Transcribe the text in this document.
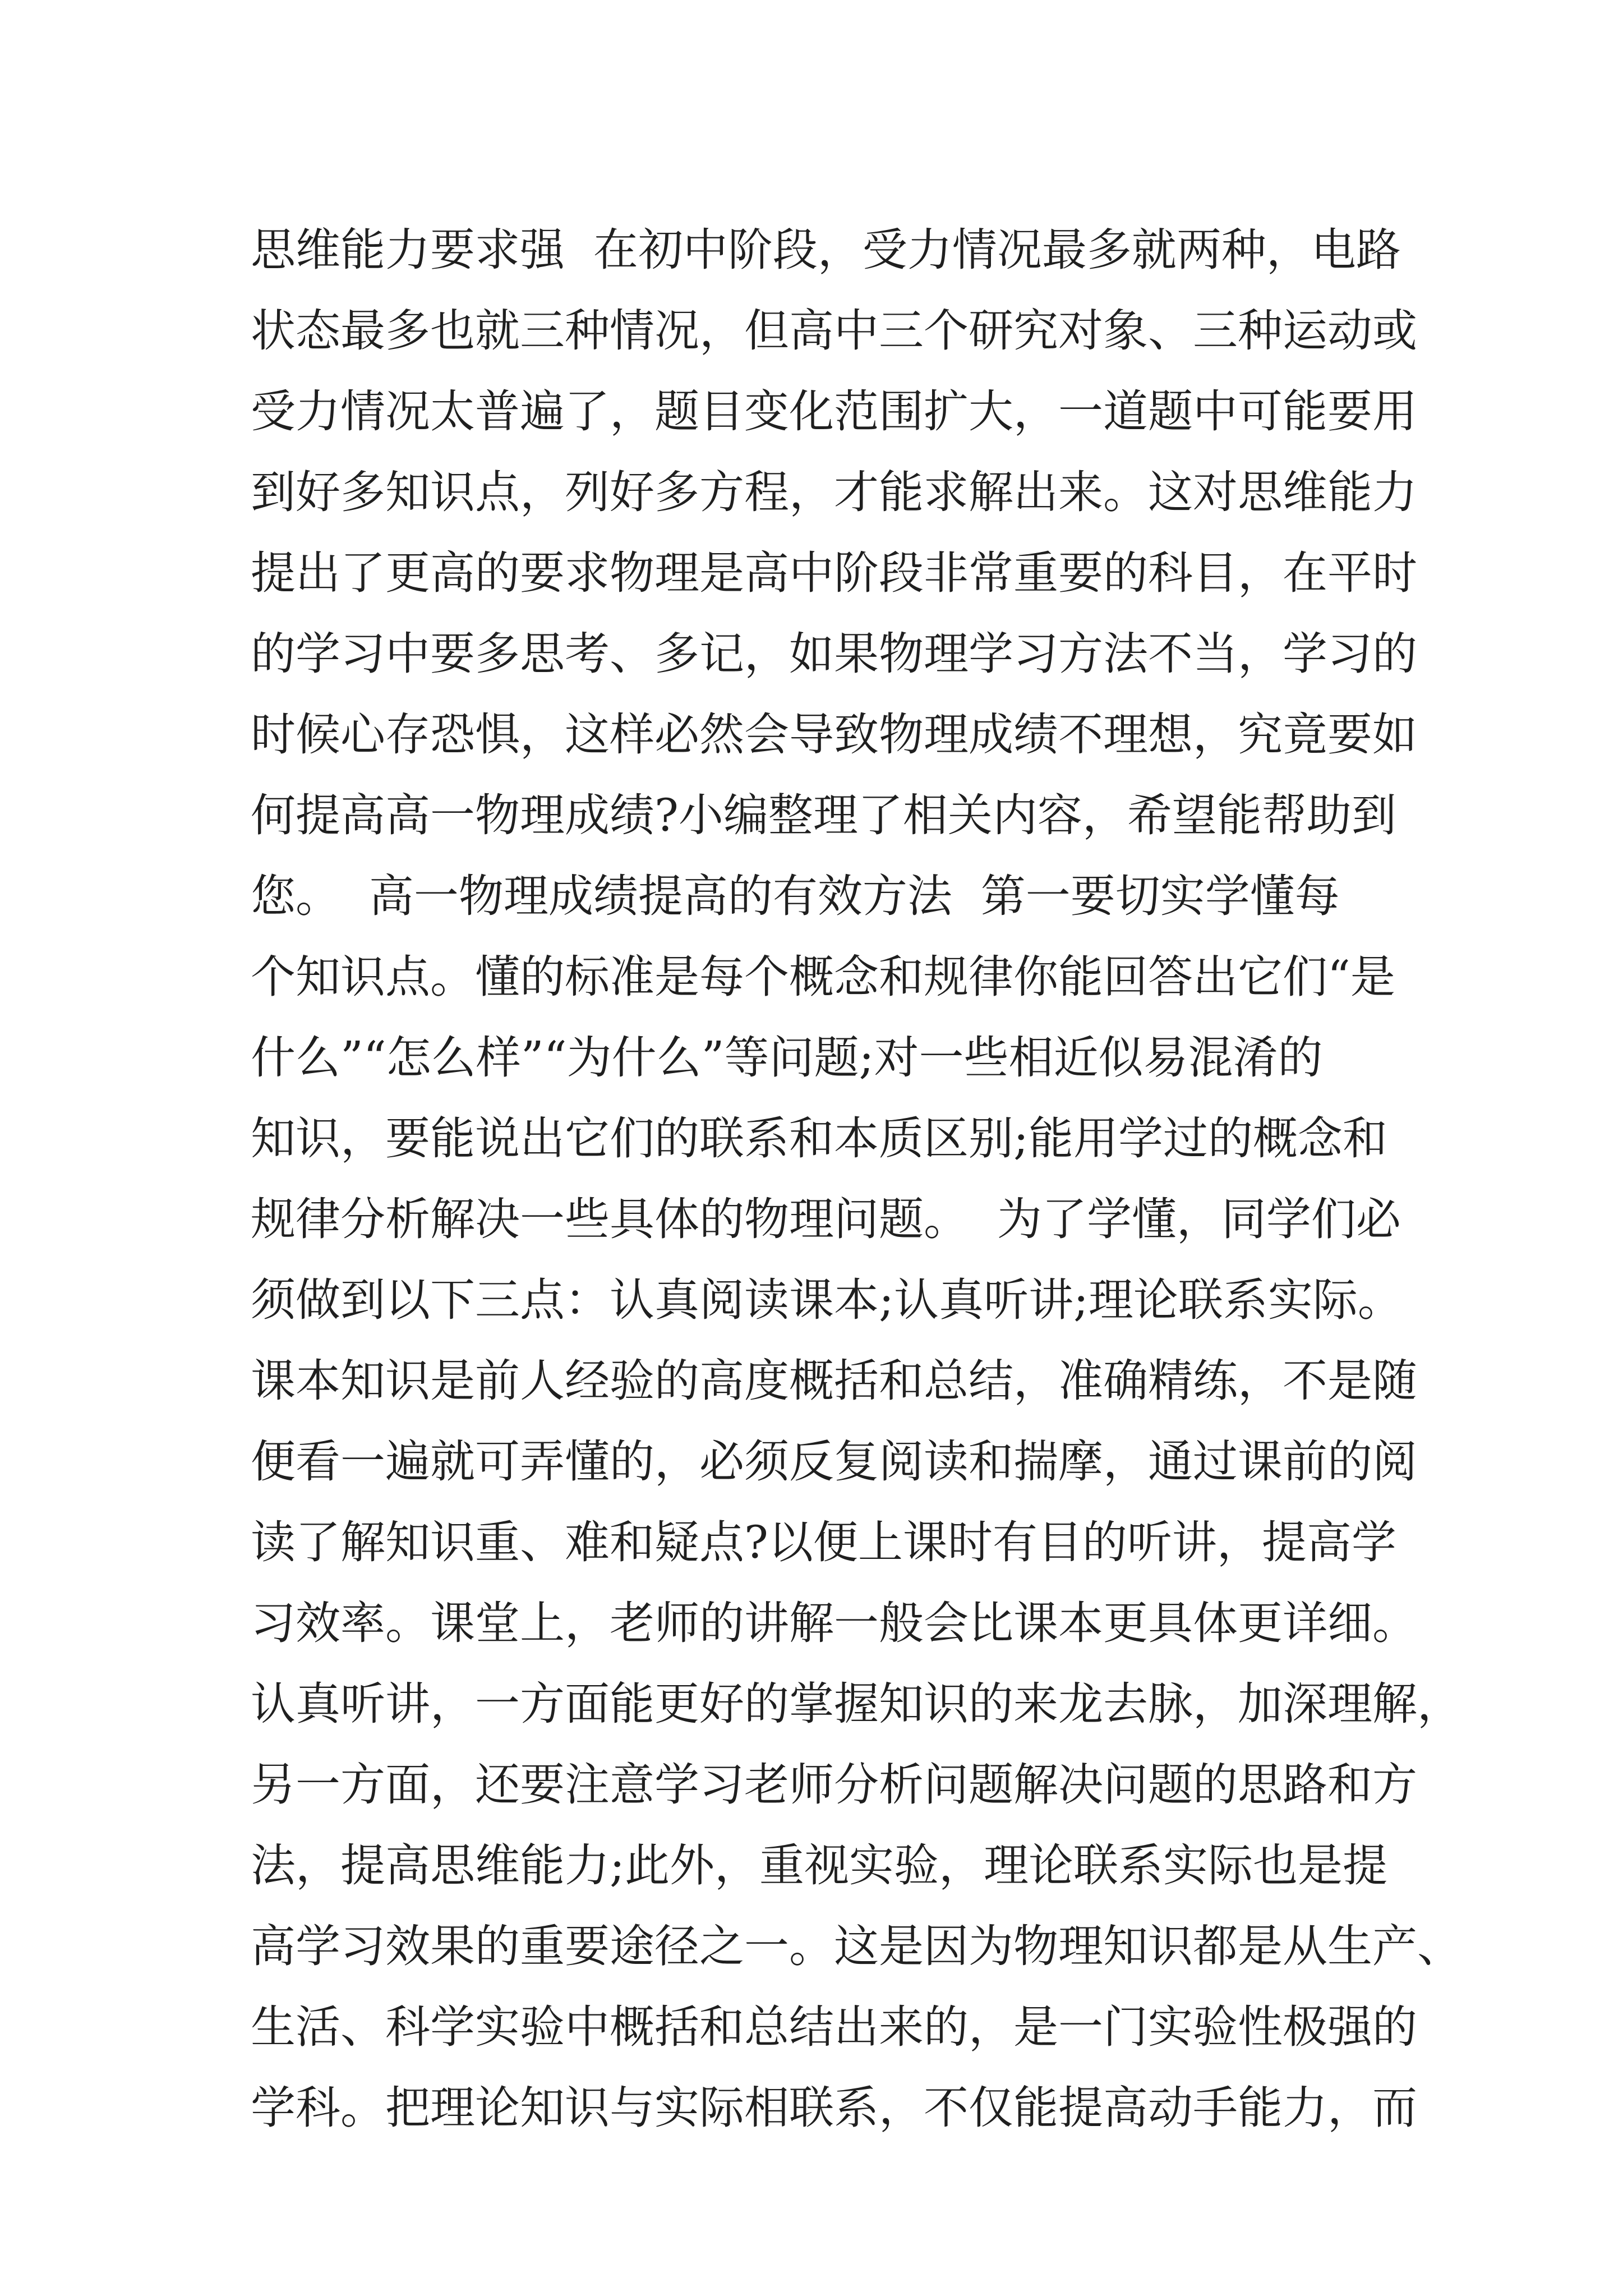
思维能力要求强  在初中阶段，受力情况最多就两种，电路
状态最多也就三种情况，但高中三个研究对象、三种运动或
受力情况太普遍了，题目变化范围扩大，一道题中可能要用
到好多知识点，列好多方程，才能求解出来。这对思维能力
提出了更高的要求物理是高中阶段非常重要的科目，在平时
的学习中要多思考、多记，如果物理学习方法不当，学习的
时候心存恐惧，这样必然会导致物理成绩不理想，究竟要如
何提高高一物理成绩?小编整理了相关内容，希望能帮助到
您。  高一物理成绩提高的有效方法  第一要切实学懂每
个知识点。懂的标准是每个概念和规律你能回答出它们“是
什么”“怎么样”“为什么”等问题;对一些相近似易混淆的
知识，要能说出它们的联系和本质区别;能用学过的概念和
规律分析解决一些具体的物理问题。  为了学懂，同学们必
须做到以下三点：认真阅读课本;认真听讲;理论联系实际。
课本知识是前人经验的高度概括和总结，准确精练，不是随
便看一遍就可弄懂的，必须反复阅读和揣摩，通过课前的阅
读了解知识重、难和疑点?以便上课时有目的听讲，提高学
习效率。课堂上，老师的讲解一般会比课本更具体更详细。
认真听讲，一方面能更好的掌握知识的来龙去脉，加深理解，
另一方面，还要注意学习老师分析问题解决问题的思路和方
法，提高思维能力;此外，重视实验，理论联系实际也是提
高学习效果的重要途径之一。这是因为物理知识都是从生产、
生活、科学实验中概括和总结出来的，是一门实验性极强的
学科。把理论知识与实际相联系，不仅能提高动手能力，而
